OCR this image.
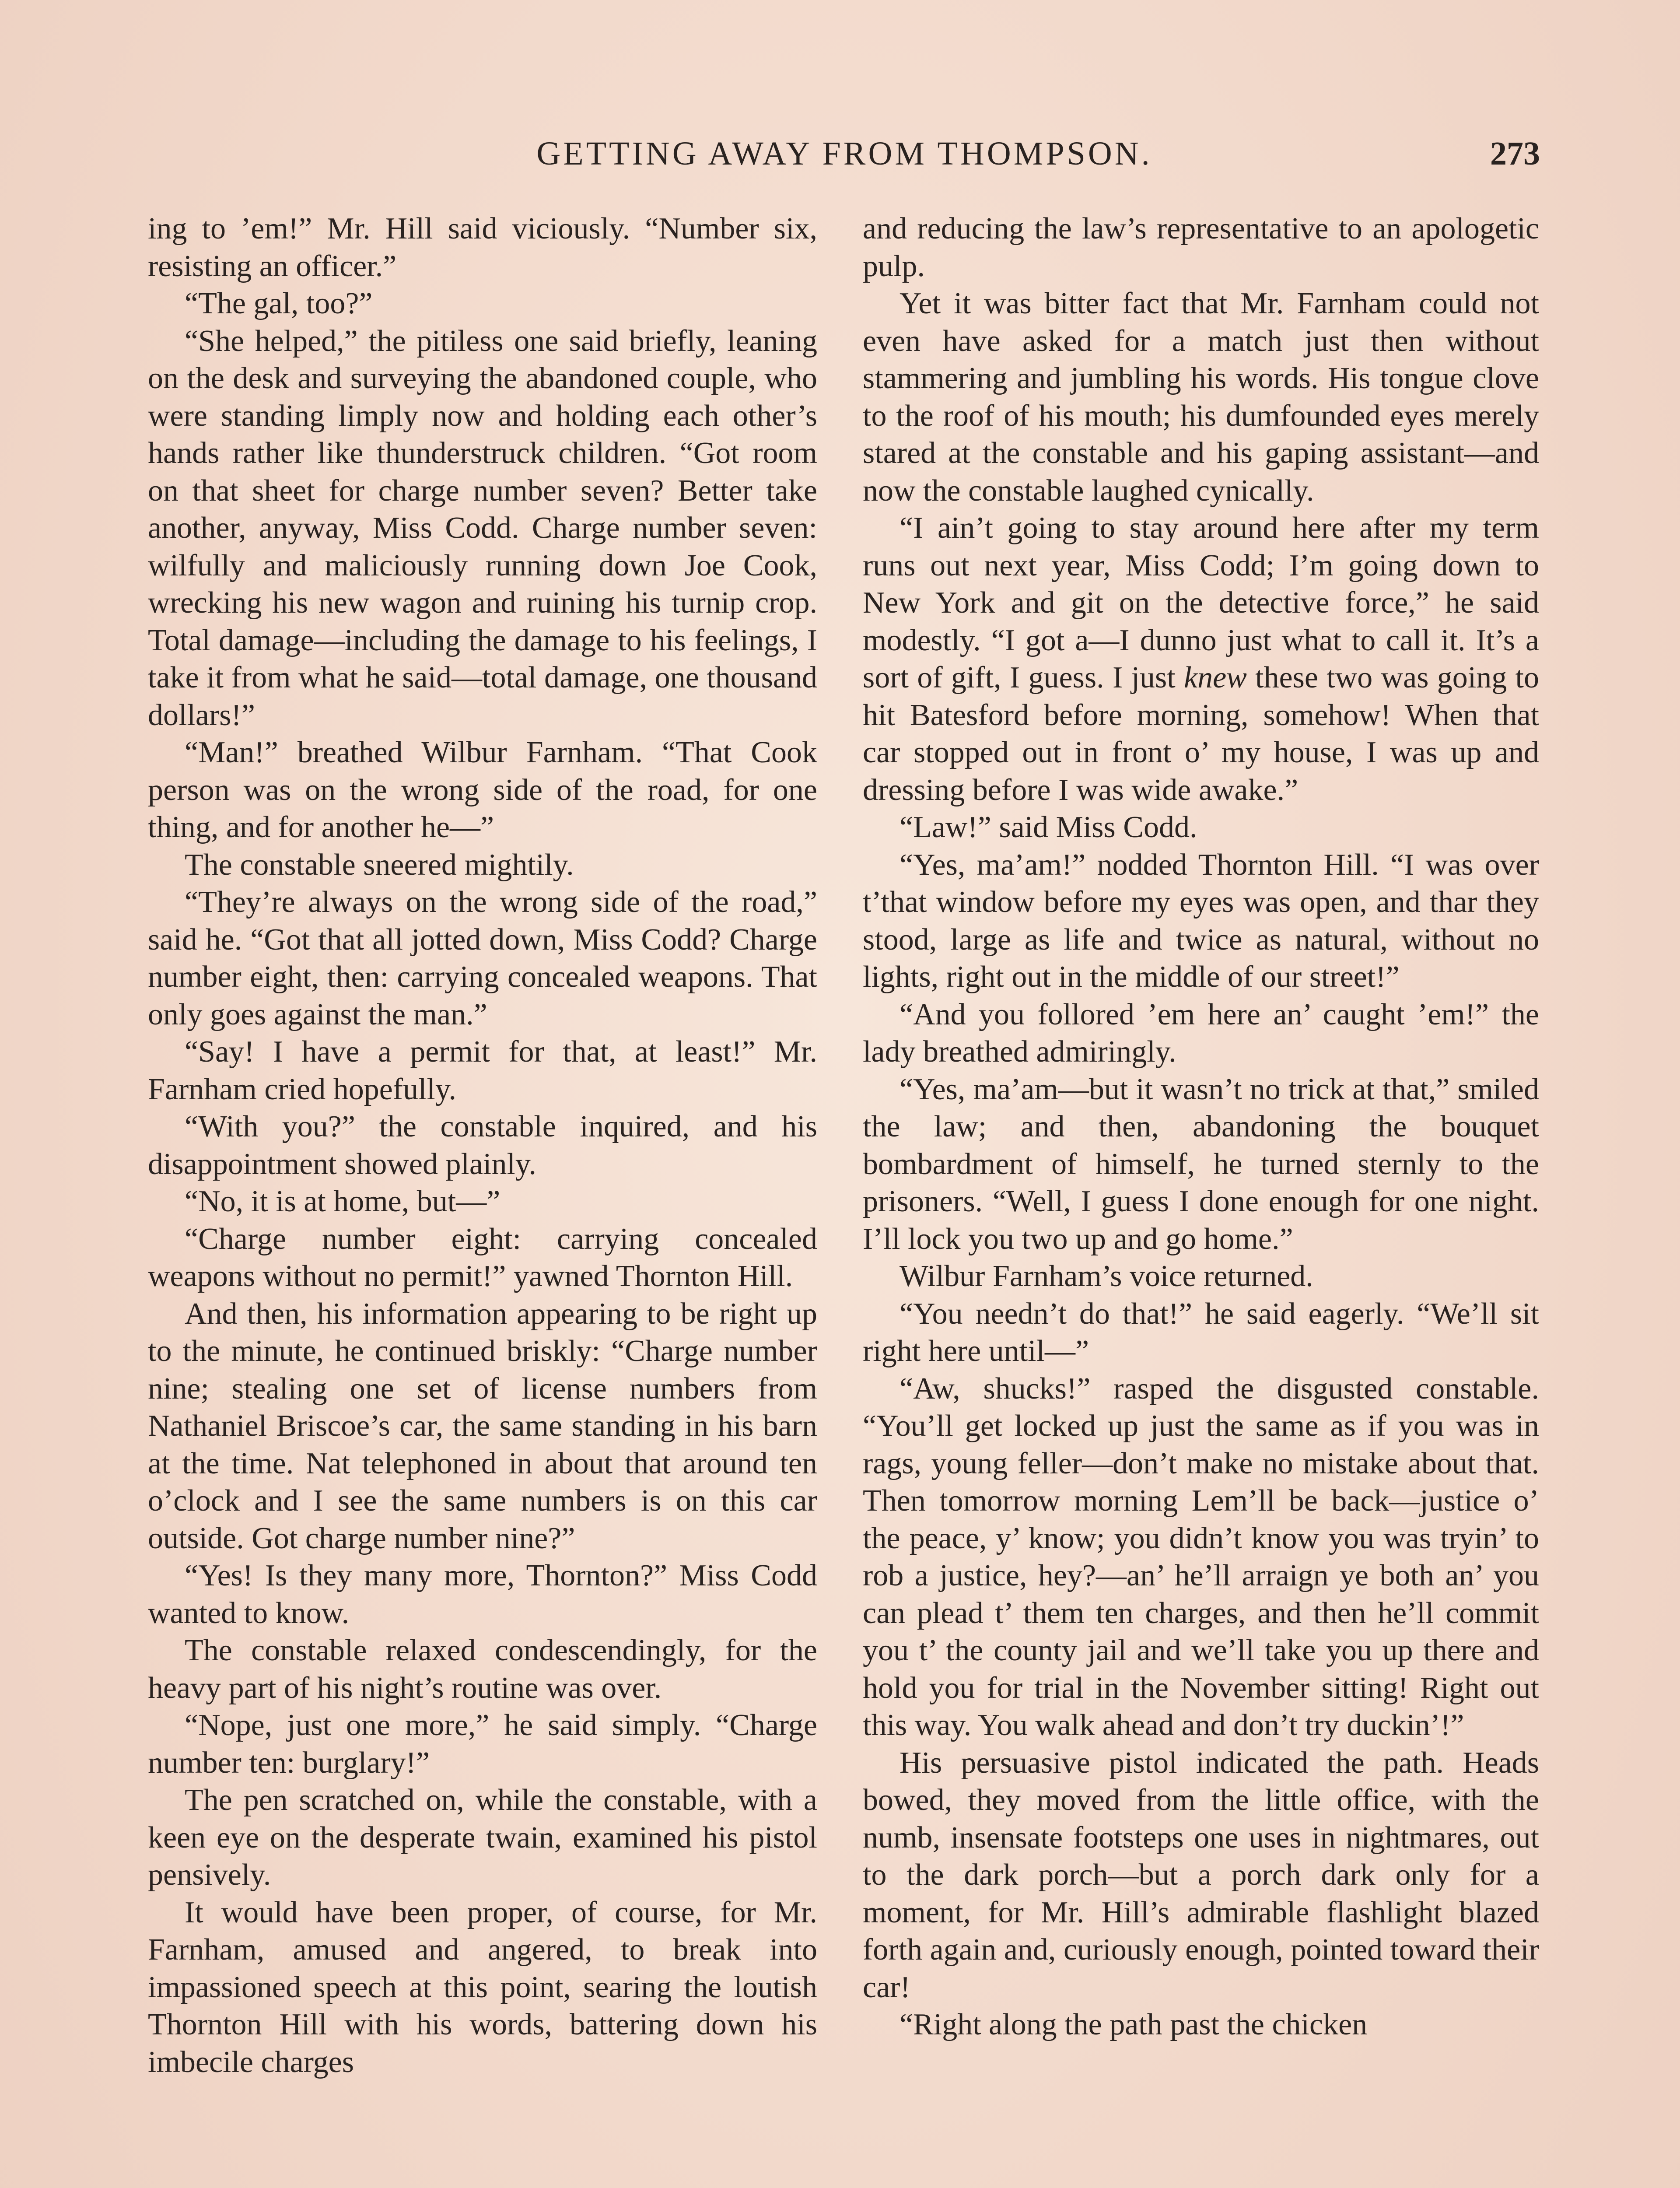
GETTING AWAY FROM THOMPSON.	273

ing to ’em!” Mr. Hill said viciously. “Number six, resisting an officer.”

“The gal, too?”

“She helped,” the pitiless one said briefly, leaning on the desk and surveying the abandoned couple, who were standing limply now and holding each other’s hands rather like thunderstruck children. “Got room on that sheet for charge number seven? Better take another, anyway, Miss Codd. Charge number seven: wilfully and maliciously running down Joe Cook, wrecking his new wagon and ruining his turnip crop. Total damage—including the damage to his feelings, I take it from what he said—total damage, one thousand dollars!”

“Man!” breathed Wilbur Farnham. “That Cook person was on the wrong side of the road, for one thing, and for another he—”

The constable sneered mightily.

“They’re always on the wrong side of the road,” said he. “Got that all jotted down, Miss Codd? Charge number eight, then: carrying concealed weapons. That only goes against the man.”

“Say! I have a permit for that, at least!” Mr. Farnham cried hopefully.

“With you?” the constable inquired, and his disappointment showed plainly.

“No, it is at home, but—”

“Charge number eight: carrying concealed weapons without no permit!” yawned Thornton Hill.

And then, his information appearing to be right up to the minute, he continued briskly: “Charge number nine; stealing one set of license numbers from Nathaniel Briscoe’s car, the same standing in his barn at the time. Nat telephoned in about that around ten o’clock and I see the same numbers is on this car outside. Got charge number nine?”

“Yes! Is they many more, Thornton?” Miss Codd wanted to know.

The constable relaxed condescendingly, for the heavy part of his night’s routine was over.

“Nope, just one more,” he said simply. “Charge number ten: burglary!”

The pen scratched on, while the constable, with a keen eye on the desperate twain, examined his pistol pensively.

It would have been proper, of course, for Mr. Farnham, amused and angered, to break into impassioned speech at this point, searing the loutish Thornton Hill with his words, battering down his imbecile charges

and reducing the law’s representative to an apologetic pulp.

Yet it was bitter fact that Mr. Farnham could not even have asked for a match just then without stammering and jumbling his words. His tongue clove to the roof of his mouth; his dumfounded eyes merely stared at the constable and his gaping assistant—and now the constable laughed cynically.

“I ain’t going to stay around here after my term runs out next year, Miss Codd; I’m going down to New York and git on the detective force,” he said modestly. “I got a—I dunno just what to call it. It’s a sort of gift, I guess. I just knew these two was going to hit Batesford before morning, somehow! When that car stopped out in front o’ my house, I was up and dressing before I was wide awake.”

“Law!” said Miss Codd.

“Yes, ma’am!” nodded Thornton Hill. “I was over t’that window before my eyes was open, and thar they stood, large as life and twice as natural, without no lights, right out in the middle of our street!”

“And you follored ’em here an’ caught ’em!” the lady breathed admiringly.

“Yes, ma’am—but it wasn’t no trick at that,” smiled the law; and then, abandoning the bouquet bombardment of himself, he turned sternly to the prisoners. “Well, I guess I done enough for one night. I’ll lock you two up and go home.”

Wilbur Farnham’s voice returned.

“You needn’t do that!” he said eagerly. “We’ll sit right here until—”

“Aw, shucks!” rasped the disgusted constable. “You’ll get locked up just the same as if you was in rags, young feller—don’t make no mistake about that. Then tomorrow morning Lem’ll be back—justice o’ the peace, y’ know; you didn’t know you was tryin’ to rob a justice, hey?—an’ he’ll arraign ye both an’ you can plead t’ them ten charges, and then he’ll commit you t’ the county jail and we’ll take you up there and hold you for trial in the November sitting! Right out this way. You walk ahead and don’t try duckin’!”

His persuasive pistol indicated the path. Heads bowed, they moved from the little office, with the numb, insensate footsteps one uses in nightmares, out to the dark porch—but a porch dark only for a moment, for Mr. Hill’s admirable flashlight blazed forth again and, curiously enough, pointed toward their car!

“Right along the path past the chicken
